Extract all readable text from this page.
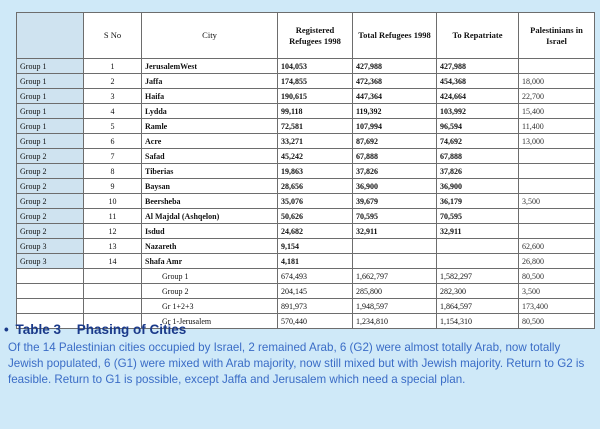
	S No	City	Registered Refugees 1998	Total Refugees 1998	To Repatriate	Palestinians in Israel
Group 1	1	JerusalemWest	104,053	427,988	427,988	
Group 1	2	Jaffa	174,855	472,368	454,368	18,000
Group 1	3	Haifa	190,615	447,364	424,664	22,700
Group 1	4	Lydda	99,118	119,392	103,992	15,400
Group 1	5	Ramle	72,581	107,994	96,594	11,400
Group 1	6	Acre	33,271	87,692	74,692	13,000
Group 2	7	Safad	45,242	67,888	67,888	
Group 2	8	Tiberias	19,863	37,826	37,826	
Group 2	9	Baysan	28,656	36,900	36,900	
Group 2	10	Beersheba	35,076	39,679	36,179	3,500
Group 2	11	Al Majdal (Ashqelon)	50,626	70,595	70,595	
Group 2	12	Isdud	24,682	32,911	32,911	
Group 3	13	Nazareth	9,154			62,600
Group 3	14	Shafa Amr	4,181			26,800
		Group 1	674,493	1,662,797	1,582,297	80,500
		Group 2	204,145	285,800	282,300	3,500
		Gr 1+2+3	891,973	1,948,597	1,864,597	173,400
		Gr 1-Jerusalem	570,440	1,234,810	1,154,310	80,500
• Table 3 Phasing of Cities
Of the 14 Palestinian cities occupied by Israel, 2 remained Arab, 6 (G2) were almost totally Arab, now totally Jewish populated, 6 (G1) were mixed with Arab majority, now still mixed but with Jewish majority. Return to G2 is feasible. Return to G1 is possible, except Jaffa and Jerusalem which need a special plan.
